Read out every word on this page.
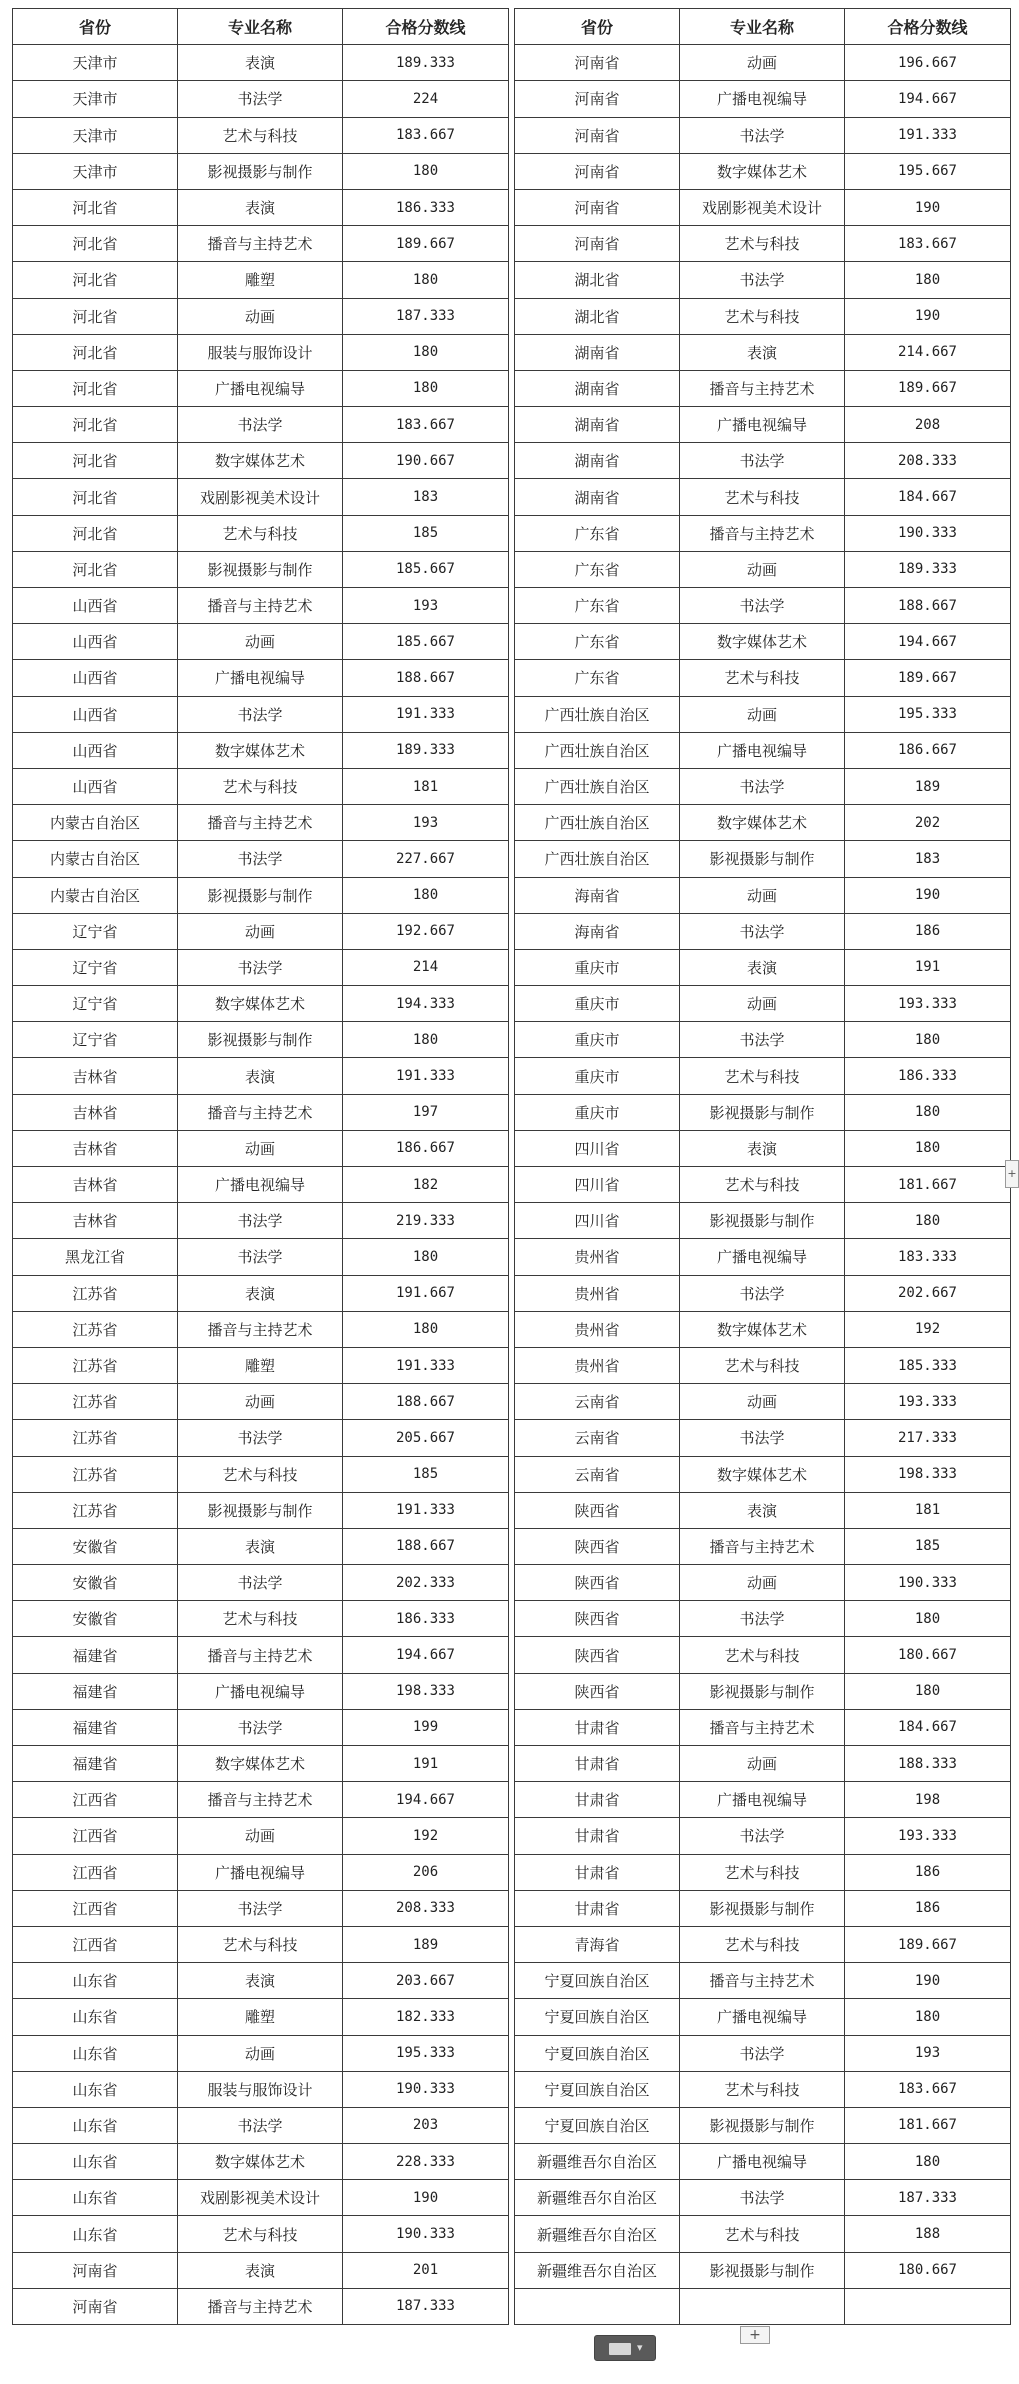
省份	专业名称	合格分数线
天津市	表演	189.333
天津市	书法学	224
天津市	艺术与科技	183.667
天津市	影视摄影与制作	180
河北省	表演	186.333
河北省	播音与主持艺术	189.667
河北省	雕塑	180
河北省	动画	187.333
河北省	服装与服饰设计	180
河北省	广播电视编导	180
河北省	书法学	183.667
河北省	数字媒体艺术	190.667
河北省	戏剧影视美术设计	183
河北省	艺术与科技	185
河北省	影视摄影与制作	185.667
山西省	播音与主持艺术	193
山西省	动画	185.667
山西省	广播电视编导	188.667
山西省	书法学	191.333
山西省	数字媒体艺术	189.333
山西省	艺术与科技	181
内蒙古自治区	播音与主持艺术	193
内蒙古自治区	书法学	227.667
内蒙古自治区	影视摄影与制作	180
辽宁省	动画	192.667
辽宁省	书法学	214
辽宁省	数字媒体艺术	194.333
辽宁省	影视摄影与制作	180
吉林省	表演	191.333
吉林省	播音与主持艺术	197
吉林省	动画	186.667
吉林省	广播电视编导	182
吉林省	书法学	219.333
黑龙江省	书法学	180
江苏省	表演	191.667
江苏省	播音与主持艺术	180
江苏省	雕塑	191.333
江苏省	动画	188.667
江苏省	书法学	205.667
江苏省	艺术与科技	185
江苏省	影视摄影与制作	191.333
安徽省	表演	188.667
安徽省	书法学	202.333
安徽省	艺术与科技	186.333
福建省	播音与主持艺术	194.667
福建省	广播电视编导	198.333
福建省	书法学	199
福建省	数字媒体艺术	191
江西省	播音与主持艺术	194.667
江西省	动画	192
江西省	广播电视编导	206
江西省	书法学	208.333
江西省	艺术与科技	189
山东省	表演	203.667
山东省	雕塑	182.333
山东省	动画	195.333
山东省	服装与服饰设计	190.333
山东省	书法学	203
山东省	数字媒体艺术	228.333
山东省	戏剧影视美术设计	190
山东省	艺术与科技	190.333
河南省	表演	201
河南省	播音与主持艺术	187.333
省份	专业名称	合格分数线
河南省	动画	196.667
河南省	广播电视编导	194.667
河南省	书法学	191.333
河南省	数字媒体艺术	195.667
河南省	戏剧影视美术设计	190
河南省	艺术与科技	183.667
湖北省	书法学	180
湖北省	艺术与科技	190
湖南省	表演	214.667
湖南省	播音与主持艺术	189.667
湖南省	广播电视编导	208
湖南省	书法学	208.333
湖南省	艺术与科技	184.667
广东省	播音与主持艺术	190.333
广东省	动画	189.333
广东省	书法学	188.667
广东省	数字媒体艺术	194.667
广东省	艺术与科技	189.667
广西壮族自治区	动画	195.333
广西壮族自治区	广播电视编导	186.667
广西壮族自治区	书法学	189
广西壮族自治区	数字媒体艺术	202
广西壮族自治区	影视摄影与制作	183
海南省	动画	190
海南省	书法学	186
重庆市	表演	191
重庆市	动画	193.333
重庆市	书法学	180
重庆市	艺术与科技	186.333
重庆市	影视摄影与制作	180
四川省	表演	180
四川省	艺术与科技	181.667
四川省	影视摄影与制作	180
贵州省	广播电视编导	183.333
贵州省	书法学	202.667
贵州省	数字媒体艺术	192
贵州省	艺术与科技	185.333
云南省	动画	193.333
云南省	书法学	217.333
云南省	数字媒体艺术	198.333
陕西省	表演	181
陕西省	播音与主持艺术	185
陕西省	动画	190.333
陕西省	书法学	180
陕西省	艺术与科技	180.667
陕西省	影视摄影与制作	180
甘肃省	播音与主持艺术	184.667
甘肃省	动画	188.333
甘肃省	广播电视编导	198
甘肃省	书法学	193.333
甘肃省	艺术与科技	186
甘肃省	影视摄影与制作	186
青海省	艺术与科技	189.667
宁夏回族自治区	播音与主持艺术	190
宁夏回族自治区	广播电视编导	180
宁夏回族自治区	书法学	193
宁夏回族自治区	艺术与科技	183.667
宁夏回族自治区	影视摄影与制作	181.667
新疆维吾尔自治区	广播电视编导	180
新疆维吾尔自治区	书法学	187.333
新疆维吾尔自治区	艺术与科技	188
新疆维吾尔自治区	影视摄影与制作	180.667

+
+
▾
